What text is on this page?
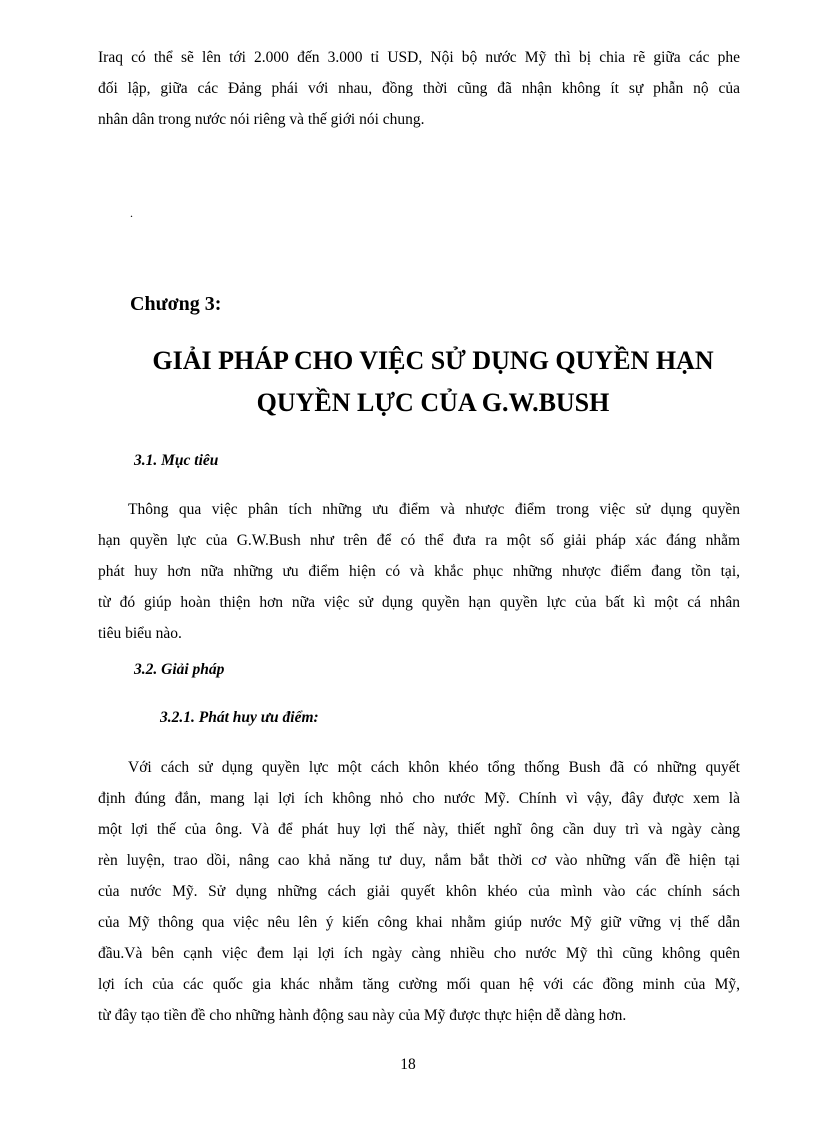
Iraq có thể sẽ lên tới 2.000 đến 3.000 tỉ USD, Nội bộ nước Mỹ thì bị chia rẽ giữa các phe
đối lập, giữa các Đảng phái với nhau, đồng thời cũng đã nhận không ít sự phẫn nộ của
nhân dân trong nước nói riêng và thế giới nói chung.
.
Chương 3:
GIẢI PHÁP CHO VIỆC SỬ DỤNG QUYỀN HẠN
QUYỀN LỰC CỦA G.W.BUSH
3.1. Mục tiêu
Thông qua việc phân tích những ưu điểm và nhược điểm trong việc sử dụng quyền
hạn quyền lực của G.W.Bush như trên để có thể đưa ra một số giải pháp xác đáng nhằm
phát huy hơn nữa những ưu điểm hiện có và khắc phục những nhược điểm đang tồn tại,
từ đó giúp hoàn thiện hơn nữa việc sử dụng quyền hạn quyền lực của bất kì một cá nhân
tiêu biểu nào.
3.2. Giải pháp
3.2.1. Phát huy ưu điểm:
Với cách sử dụng quyền lực một cách khôn khéo tổng thống Bush đã có những quyết
định đúng đắn, mang lại lợi ích không nhỏ cho nước Mỹ. Chính vì vậy, đây được xem là
một lợi thế của ông. Và để phát huy lợi thế này, thiết nghĩ ông cần duy trì và ngày càng
rèn luyện, trao dồi, nâng cao khả năng tư duy, nắm bắt thời cơ vào những vấn đề hiện tại
của nước Mỹ. Sử dụng những cách giải quyết khôn khéo của mình vào các chính sách
của Mỹ thông qua việc nêu lên ý kiến công khai nhằm giúp nước Mỹ giữ vững vị thế dẫn
đầu.Và bên cạnh việc đem lại lợi ích ngày càng nhiều cho nước Mỹ thì cũng không quên
lợi ích của các quốc gia khác nhằm tăng cường mối quan hệ với các đồng minh của Mỹ,
từ đây tạo tiền đề cho những hành động sau này của Mỹ được thực hiện dễ dàng hơn.
18
